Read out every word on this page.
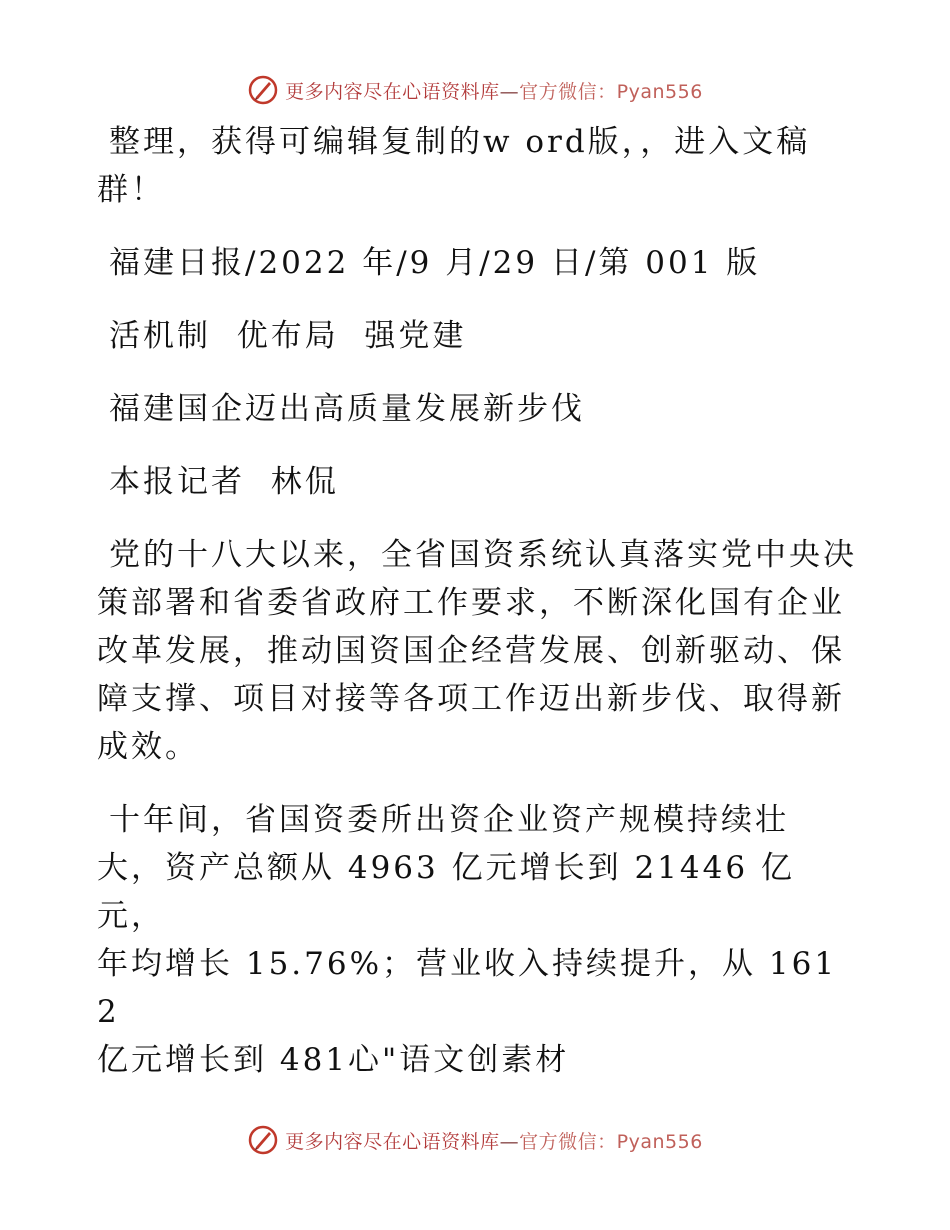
更多内容尽在心语资料库—官方微信：Pyan556

整理，获得可编辑复制的w ord版，，进入文稿群！

福建日报/2022 年/9 月/29 日/第 001 版

活机制  优布局  强党建

福建国企迈出高质量发展新步伐

本报记者  林侃

党的十八大以来，全省国资系统认真落实党中央决策部署和省委省政府工作要求，不断深化国有企业改革发展，推动国资国企经营发展、创新驱动、保障支撑、项目对接等各项工作迈出新步伐、取得新成效。

十年间，省国资委所出资企业资产规模持续壮
大，资产总额从 4963 亿元增长到 21446 亿元，
年均增长 15.76%；营业收入持续提升，从 1612
亿元增长到 481心"语文创素材

更多内容尽在心语资料库—官方微信：Pyan556
